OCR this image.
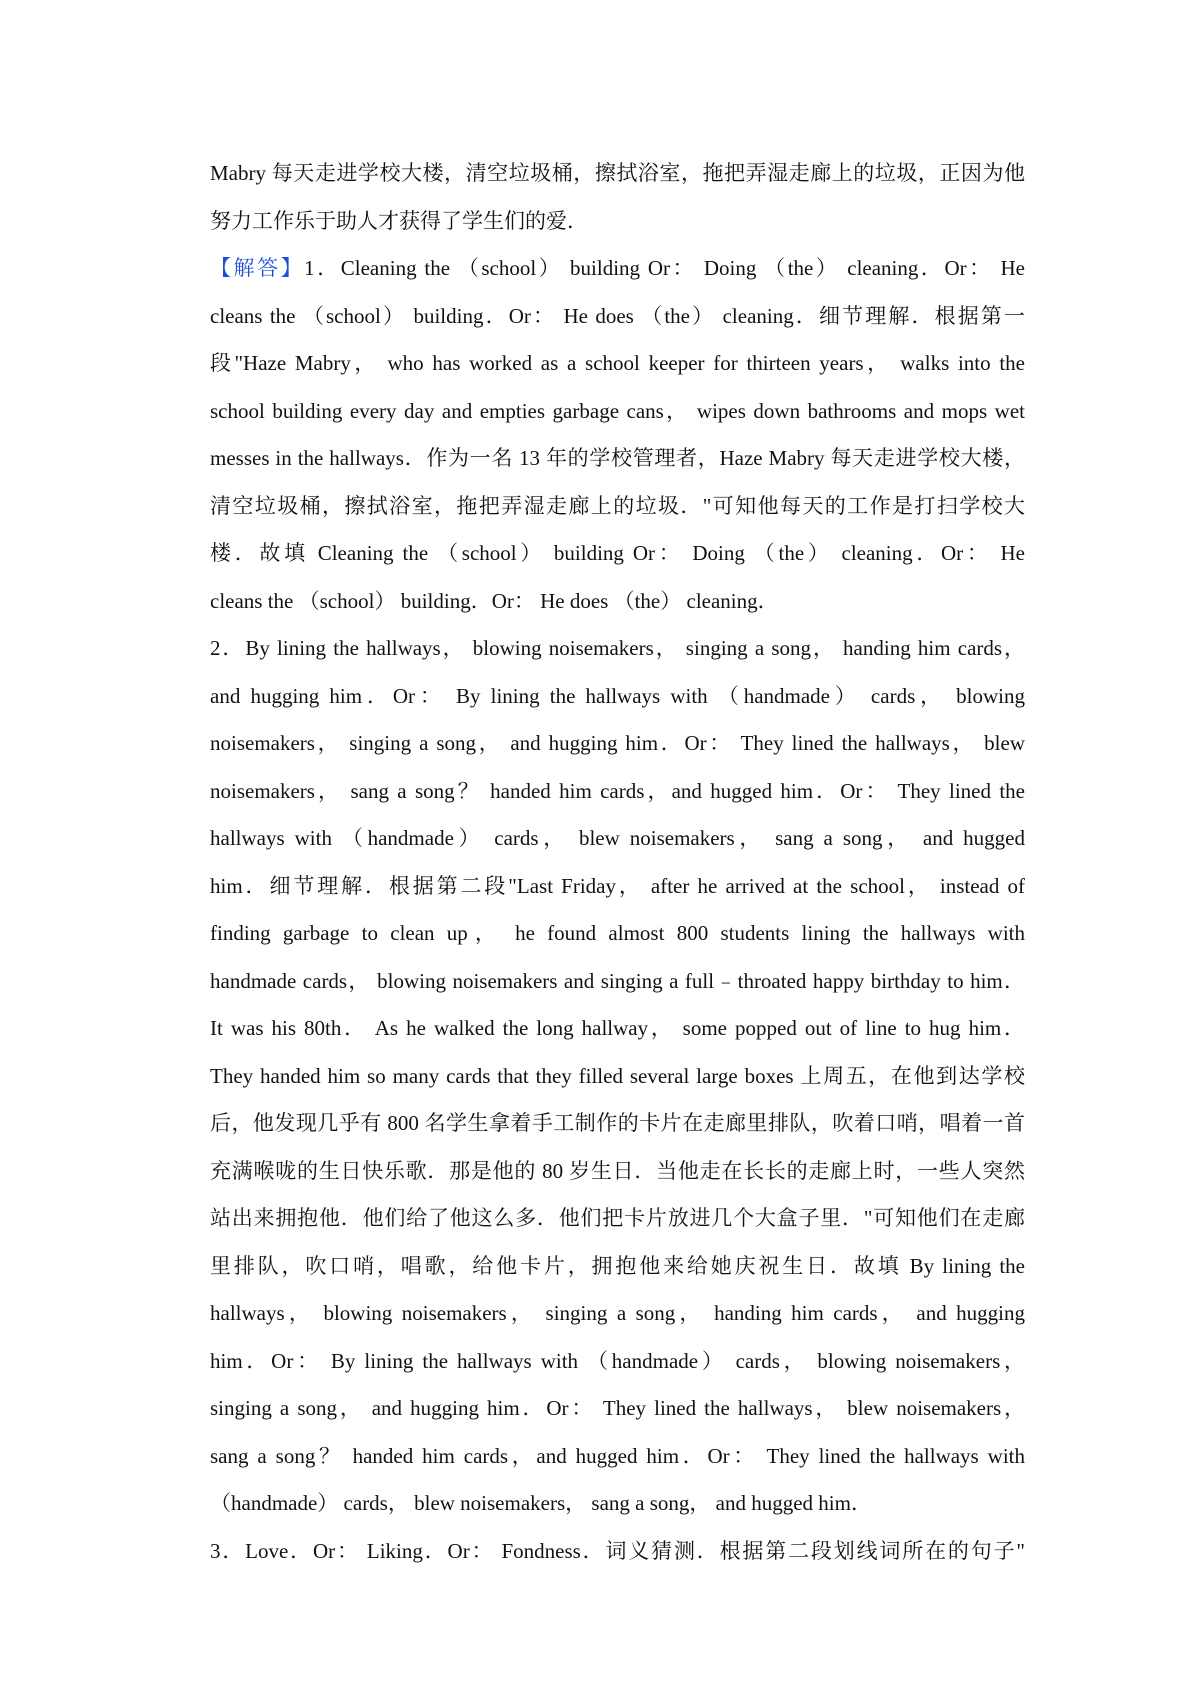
Mabry 每天走进学校大楼，清空垃圾桶，擦拭浴室，拖把弄湿走廊上的垃圾，正因为他
努力工作乐于助人才获得了学生们的爱．
【解答】1．Cleaning the （school） building Or： Doing （the） cleaning．Or： He
cleans the （school） building．Or： He does （the） cleaning．细节理解．根据第一
段"Haze Mabry， who has worked as a school keeper for thirteen years， walks into the
school building every day and empties garbage cans， wipes down bathrooms and mops wet
messes in the hallways．作为一名 13 年的学校管理者，Haze Mabry 每天走进学校大楼，
清空垃圾桶，擦拭浴室，拖把弄湿走廊上的垃圾．"可知他每天的工作是打扫学校大
楼．故填 Cleaning the （school） building Or： Doing （the） cleaning．Or： He
cleans the （school） building．Or： He does （the） cleaning．
2．By lining the hallways， blowing noisemakers， singing a song， handing him cards，
and hugging him．Or： By lining the hallways with （handmade） cards， blowing
noisemakers， singing a song， and hugging him．Or： They lined the hallways， blew
noisemakers， sang a song？ handed him cards，and hugged him．Or： They lined the
hallways with （handmade） cards， blew noisemakers， sang a song， and hugged
him．细节理解．根据第二段"Last Friday， after he arrived at the school， instead of
finding garbage to clean up， he found almost 800 students lining the hallways with
handmade cards， blowing noisemakers and singing a full﹣throated happy birthday to him．
It was his 80th． As he walked the long hallway， some popped out of line to hug him．
They handed him so many cards that they filled several large boxes 上周五，在他到达学校
后，他发现几乎有 800 名学生拿着手工制作的卡片在走廊里排队，吹着口哨，唱着一首
充满喉咙的生日快乐歌．那是他的 80 岁生日．当他走在长长的走廊上时，一些人突然
站出来拥抱他．他们给了他这么多．他们把卡片放进几个大盒子里．"可知他们在走廊
里排队，吹口哨，唱歌，给他卡片，拥抱他来给她庆祝生日．故填 By lining the
hallways， blowing noisemakers， singing a song， handing him cards， and hugging
him．Or： By lining the hallways with （handmade） cards， blowing noisemakers，
singing a song， and hugging him．Or： They lined the hallways， blew noisemakers，
sang a song？ handed him cards，and hugged him．Or： They lined the hallways with
（handmade） cards， blew noisemakers， sang a song， and hugged him．
3．Love．Or： Liking．Or： Fondness．词义猜测．根据第二段划线词所在的句子"
